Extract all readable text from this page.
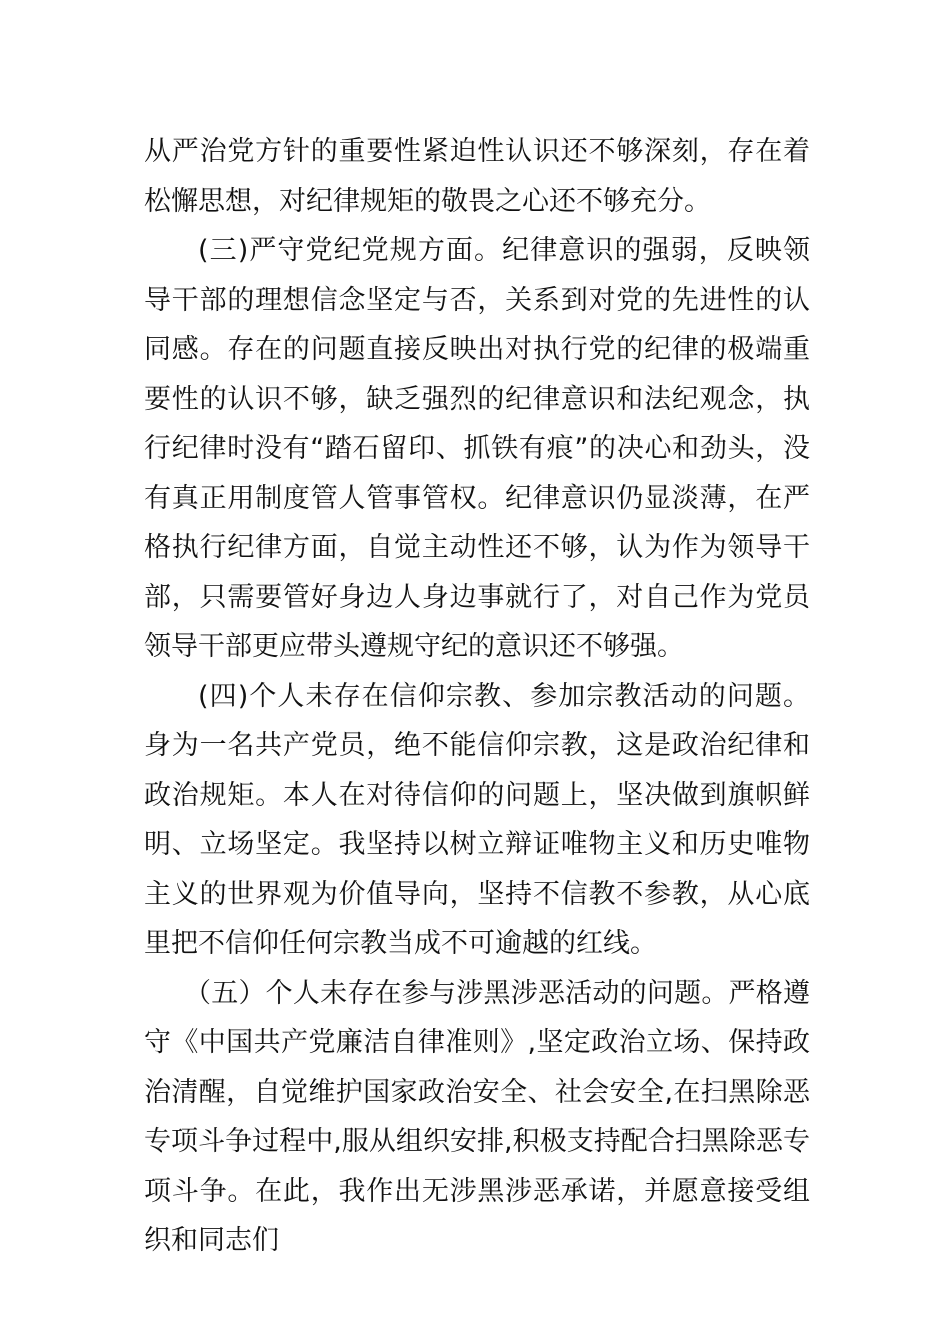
从严治党方针的重要性紧迫性认识还不够深刻，存在着松懈思想，对纪律规矩的敬畏之心还不够充分。

(三)严守党纪党规方面。纪律意识的强弱，反映领导干部的理想信念坚定与否，关系到对党的先进性的认同感。存在的问题直接反映出对执行党的纪律的极端重要性的认识不够，缺乏强烈的纪律意识和法纪观念，执行纪律时没有“踏石留印、抓铁有痕”的决心和劲头，没有真正用制度管人管事管权。纪律意识仍显淡薄，在严格执行纪律方面，自觉主动性还不够，认为作为领导干部，只需要管好身边人身边事就行了，对自己作为党员领导干部更应带头遵规守纪的意识还不够强。

(四)个人未存在信仰宗教、参加宗教活动的问题。身为一名共产党员，绝不能信仰宗教，这是政治纪律和政治规矩。本人在对待信仰的问题上，坚决做到旗帜鲜明、立场坚定。我坚持以树立辩证唯物主义和历史唯物主义的世界观为价值导向，坚持不信教不参教，从心底里把不信仰任何宗教当成不可逾越的红线。

（五）个人未存在参与涉黑涉恶活动的问题。严格遵守《中国共产党廉洁自律准则》,坚定政治立场、保持政治清醒，自觉维护国家政治安全、社会安全,在扫黑除恶专项斗争过程中,服从组织安排,积极支持配合扫黑除恶专项斗争。在此，我作出无涉黑涉恶承诺，并愿意接受组织和同志们
